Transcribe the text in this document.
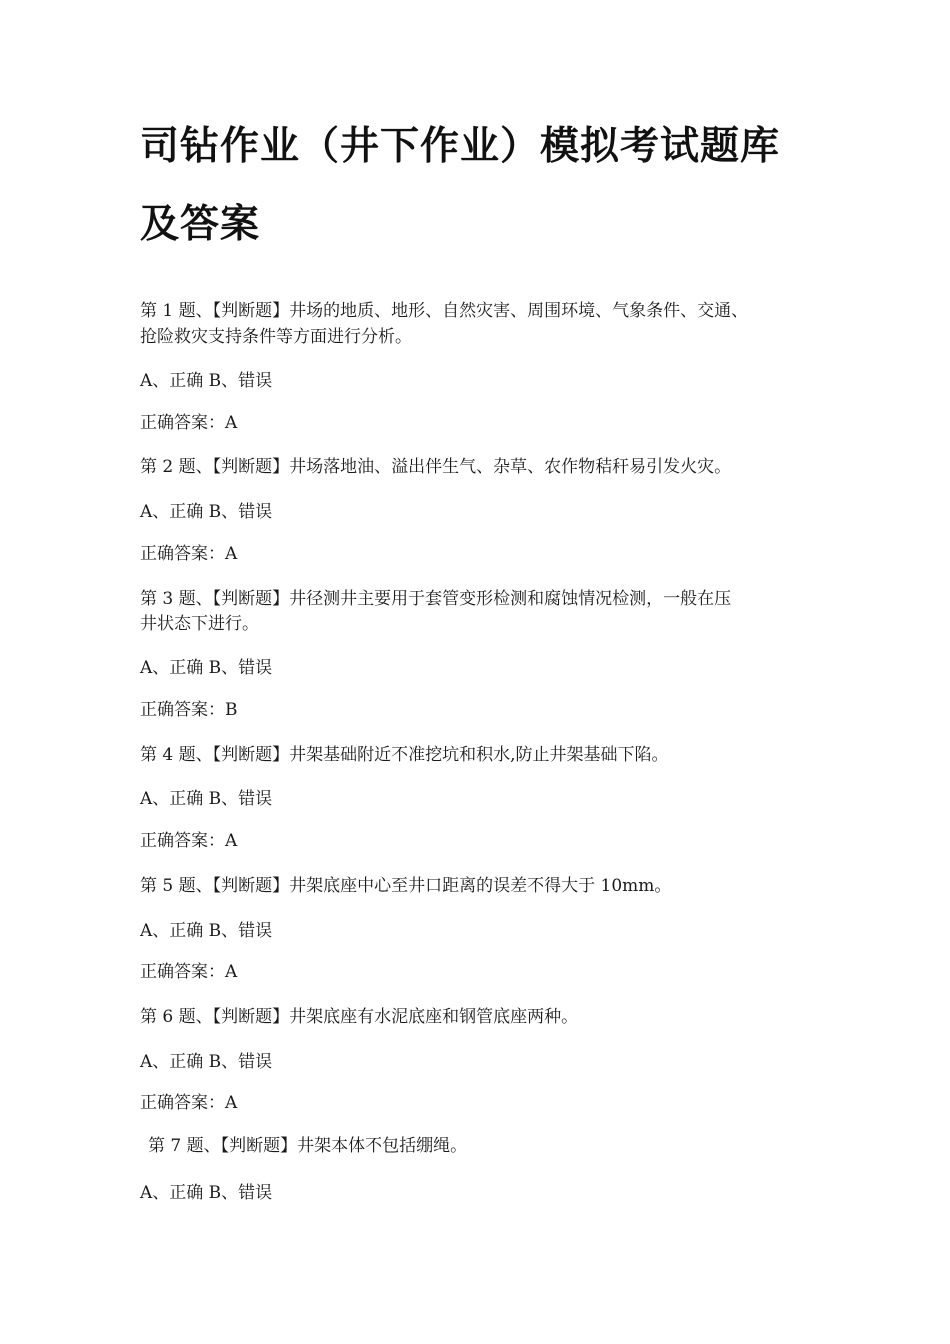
司钻作业（井下作业）模拟考试题库
及答案

第 1 题、【判断题】井场的地质、地形、自然灾害、周围环境、气象条件、交通、

抢险救灾支持条件等方面进行分析。

A、正确 B、错误

正确答案：A

第 2 题、【判断题】井场落地油、溢出伴生气、杂草、农作物秸秆易引发火灾。

A、正确 B、错误

正确答案：A

第 3 题、【判断题】井径测井主要用于套管变形检测和腐蚀情况检测，一般在压

井状态下进行。

A、正确 B、错误

正确答案：B

第 4 题、【判断题】井架基础附近不准挖坑和积水,防止井架基础下陷。

A、正确 B、错误

正确答案：A

第 5 题、【判断题】井架底座中心至井口距离的误差不得大于 10mm。

A、正确 B、错误

正确答案：A

第 6 题、【判断题】井架底座有水泥底座和钢管底座两种。

A、正确 B、错误

正确答案：A

第 7 题、【判断题】井架本体不包括绷绳。

A、正确 B、错误
